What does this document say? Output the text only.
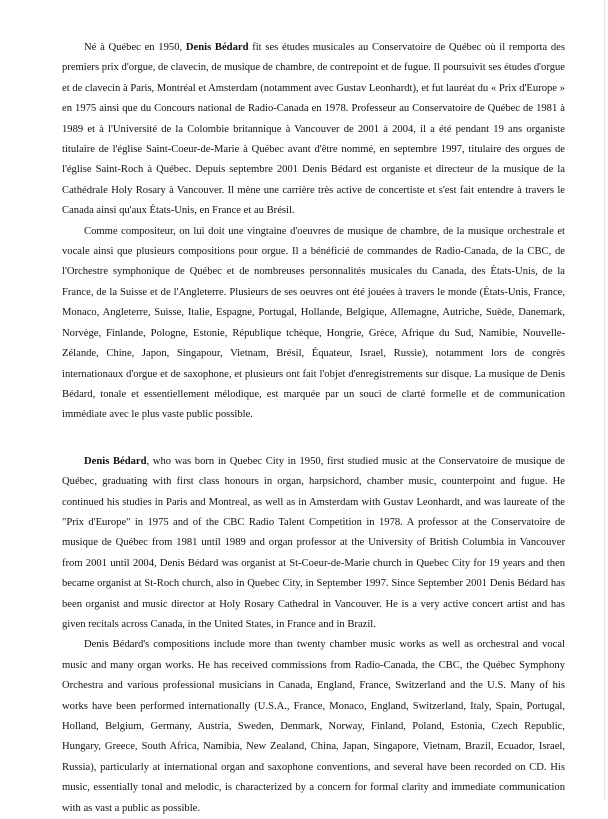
Né à Québec en 1950, Denis Bédard fit ses études musicales au Conservatoire de Québec où il remporta des premiers prix d'orgue, de clavecin, de musique de chambre, de contrepoint et de fugue. Il poursuivit ses études d'orgue et de clavecin à Paris, Montréal et Amsterdam (notamment avec Gustav Leonhardt), et fut lauréat du « Prix d'Europe » en 1975 ainsi que du Concours national de Radio-Canada en 1978. Professeur au Conservatoire de Québec de 1981 à 1989 et à l'Université de la Colombie britannique à Vancouver de 2001 à 2004, il a été pendant 19 ans organiste titulaire de l'église Saint-Coeur-de-Marie à Québec avant d'être nommé, en septembre 1997, titulaire des orgues de l'église Saint-Roch à Québec. Depuis septembre 2001 Denis Bédard est organiste et directeur de la musique de la Cathédrale Holy Rosary à Vancouver. Il mène une carrière très active de concertiste et s'est fait entendre à travers le Canada ainsi qu'aux États-Unis, en France et au Brésil.

Comme compositeur, on lui doit une vingtaine d'oeuvres de musique de chambre, de la musique orchestrale et vocale ainsi que plusieurs compositions pour orgue. Il a bénéficié de commandes de Radio-Canada, de la CBC, de l'Orchestre symphonique de Québec et de nombreuses personnalités musicales du Canada, des États-Unis, de la France, de la Suisse et de l'Angleterre. Plusieurs de ses oeuvres ont été jouées à travers le monde (États-Unis, France, Monaco, Angleterre, Suisse, Italie, Espagne, Portugal, Hollande, Belgique, Allemagne, Autriche, Suède, Danemark, Norvège, Finlande, Pologne, Estonie, République tchèque, Hongrie, Grèce, Afrique du Sud, Namibie, Nouvelle-Zélande, Chine, Japon, Singapour, Vietnam, Brésil, Équateur, Israel, Russie), notamment lors de congrès internationaux d'orgue et de saxophone, et plusieurs ont fait l'objet d'enregistrements sur disque. La musique de Denis Bédard, tonale et essentiellement mélodique, est marquée par un souci de clarté formelle et de communication immédiate avec le plus vaste public possible.

Denis Bédard, who was born in Quebec City in 1950, first studied music at the Conservatoire de musique de Québec, graduating with first class honours in organ, harpsichord, chamber music, counterpoint and fugue. He continued his studies in Paris and Montreal, as well as in Amsterdam with Gustav Leonhardt, and was laureate of the "Prix d'Europe" in 1975 and of the CBC Radio Talent Competition in 1978. A professor at the Conservatoire de musique de Québec from 1981 until 1989 and organ professor at the University of British Columbia in Vancouver from 2001 until 2004, Denis Bédard was organist at St-Coeur-de-Marie church in Quebec City for 19 years and then became organist at St-Roch church, also in Quebec City, in September 1997. Since September 2001 Denis Bédard has been organist and music director at Holy Rosary Cathedral in Vancouver. He is a very active concert artist and has given recitals across Canada, in the United States, in France and in Brazil.

Denis Bédard's compositions include more than twenty chamber music works as well as orchestral and vocal music and many organ works. He has received commissions from Radio-Canada, the CBC, the Québec Symphony Orchestra and various professional musicians in Canada, England, France, Switzerland and the U.S. Many of his works have been performed internationally (U.S.A., France, Monaco, England, Switzerland, Italy, Spain, Portugal, Holland, Belgium, Germany, Austria, Sweden, Denmark, Norway, Finland, Poland, Estonia, Czech Republic, Hungary, Greece, South Africa, Namibia, New Zealand, China, Japan, Singapore, Vietnam, Brazil, Ecuador, Israel, Russia), particularly at international organ and saxophone conventions, and several have been recorded on CD. His music, essentially tonal and melodic, is characterized by a concern for formal clarity and immediate communication with as vast a public as possible.
